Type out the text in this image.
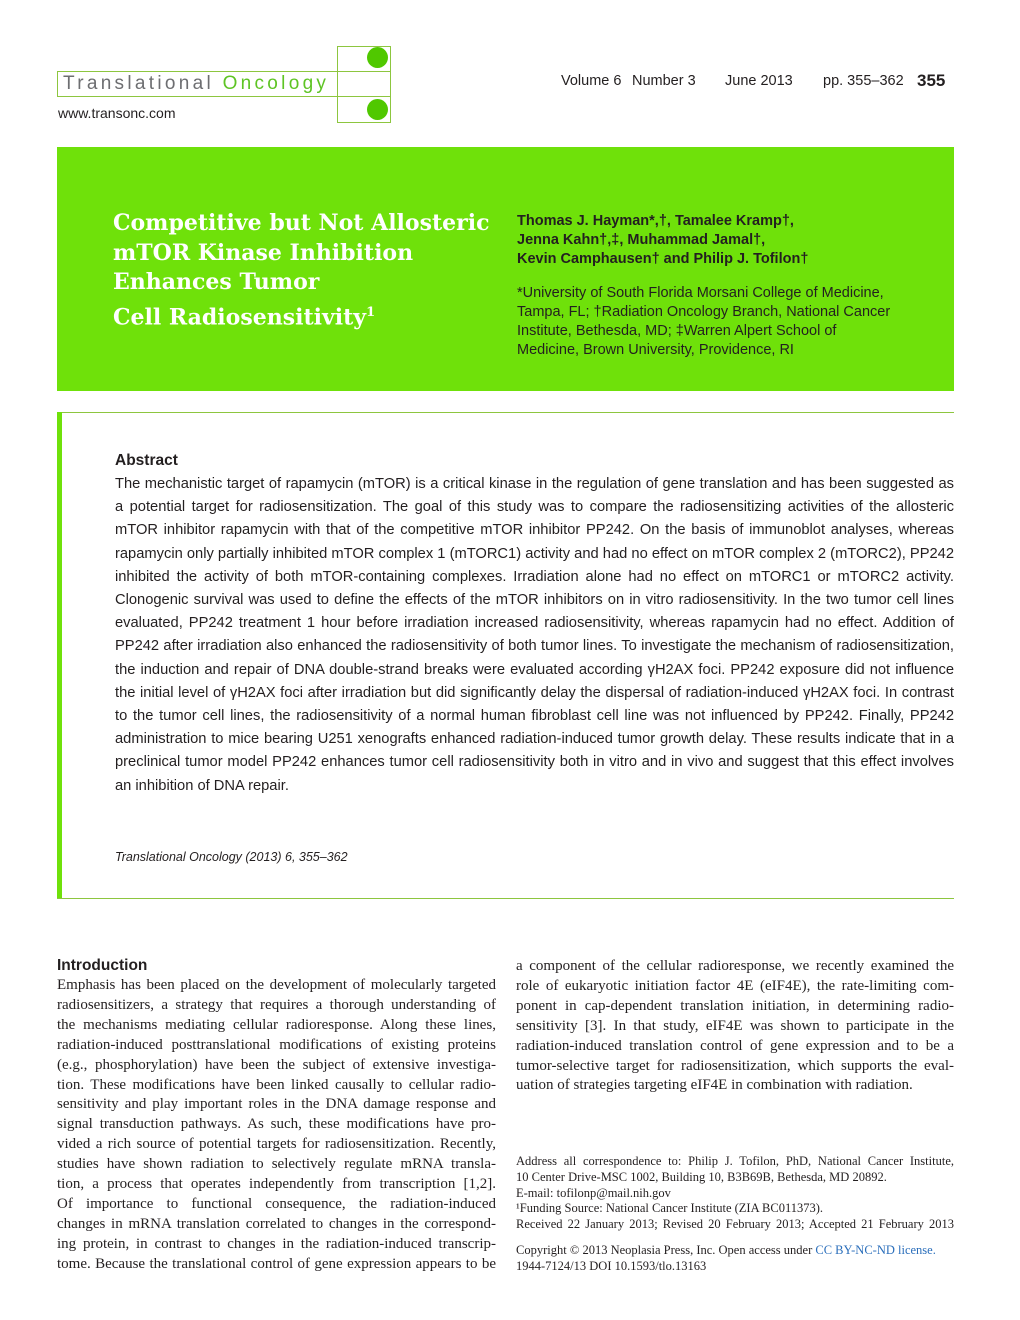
Translational Oncology
www.transonc.com
Volume 6 Number 3 June 2013 pp. 355–362 355
Competitive but Not Allosteric
mTOR Kinase Inhibition
Enhances Tumor
Cell Radiosensitivity$^1$
Thomas J. Hayman*,†, Tamalee Kramp†,
Jenna Kahn†,‡, Muhammad Jamal†,
Kevin Camphausen† and Philip J. Tofilon†
*University of South Florida Morsani College of Medicine,
Tampa, FL; †Radiation Oncology Branch, National Cancer
Institute, Bethesda, MD; ‡Warren Alpert School of
Medicine, Brown University, Providence, RI
Abstract
The mechanistic target of rapamycin (mTOR) is a critical kinase in the regulation of gene translation and has been suggested as a potential target for radiosensitization. The goal of this study was to compare the radiosensitizing activities of the allosteric mTOR inhibitor rapamycin with that of the competitive mTOR inhibitor PP242. On the basis of immunoblot analyses, whereas rapamycin only partially inhibited mTOR complex 1 (mTORC1) activity and had no effect on mTOR complex 2 (mTORC2), PP242 inhibited the activity of both mTOR-containing complexes. Irradiation alone had no effect on mTORC1 or mTORC2 activity. Clonogenic survival was used to define the effects of the mTOR inhibitors on in vitro radiosensitivity. In the two tumor cell lines evaluated, PP242 treatment 1 hour before irradiation increased radiosensitivity, whereas rapamycin had no effect. Addition of PP242 after irradiation also enhanced the radiosensitivity of both tumor lines. To investigate the mechanism of radiosensitization, the induction and repair of DNA double-strand breaks were evaluated according γH2AX foci. PP242 exposure did not influence the initial level of γH2AX foci after irradiation but did significantly delay the dispersal of radiation-induced γH2AX foci. In contrast to the tumor cell lines, the radiosensitivity of a normal human fibroblast cell line was not influenced by PP242. Finally, PP242 administration to mice bearing U251 xenografts enhanced radiation-induced tumor growth delay. These results indicate that in a preclinical tumor model PP242 enhances tumor cell radiosensitivity both in vitro and in vivo and suggest that this effect involves an inhibition of DNA repair.
Translational Oncology (2013) 6, 355–362
Introduction
Emphasis has been placed on the development of molecularly targeted
radiosensitizers, a strategy that requires a thorough understanding of
the mechanisms mediating cellular radioresponse. Along these lines,
radiation-induced posttranslational modifications of existing proteins
(e.g., phosphorylation) have been the subject of extensive investiga-
tion. These modifications have been linked causally to cellular radio-
sensitivity and play important roles in the DNA damage response and
signal transduction pathways. As such, these modifications have pro-
vided a rich source of potential targets for radiosensitization. Recently,
studies have shown radiation to selectively regulate mRNA transla-
tion, a process that operates independently from transcription [1,2].
Of importance to functional consequence, the radiation-induced
changes in mRNA translation correlated to changes in the correspond-
ing protein, in contrast to changes in the radiation-induced transcrip-
tome. Because the translational control of gene expression appears to be
a component of the cellular radioresponse, we recently examined the
role of eukaryotic initiation factor 4E (eIF4E), the rate-limiting com-
ponent in cap-dependent translation initiation, in determining radio-
sensitivity [3]. In that study, eIF4E was shown to participate in the
radiation-induced translation control of gene expression and to be a
tumor-selective target for radiosensitization, which supports the eval-
uation of strategies targeting eIF4E in combination with radiation.
Address all correspondence to: Philip J. Tofilon, PhD, National Cancer Institute,
10 Center Drive-MSC 1002, Building 10, B3B69B, Bethesda, MD 20892.
E-mail: tofilonp@mail.nih.gov
¹Funding Source: National Cancer Institute (ZIA BC011373).
Received 22 January 2013; Revised 20 February 2013; Accepted 21 February 2013
Copyright © 2013 Neoplasia Press, Inc. Open access under CC BY-NC-ND license.
1944-7124/13 DOI 10.1593/tlo.13163
